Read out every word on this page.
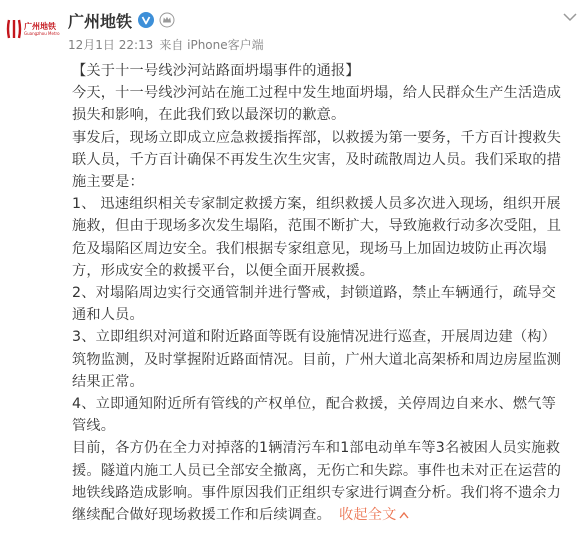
广州地铁
Guangzhou Metro
广州地铁
12月1日 22:13 来自 iPhone客户端

【关于十一号线沙河站路面坍塌事件的通报】

今天，十一号线沙河站在施工过程中发生地面坍塌，给人民群众生产生活造成损失和影响，在此我们致以最深切的歉意。

事发后，现场立即成立应急救援指挥部，以救援为第一要务，千方百计搜救失联人员，千方百计确保不再发生次生灾害，及时疏散周边人员。我们采取的措施主要是：

1、 迅速组织相关专家制定救援方案，组织救援人员多次进入现场，组织开展施救，但由于现场多次发生塌陷，范围不断扩大，导致施救行动多次受阻，且危及塌陷区周边安全。我们根据专家组意见，现场马上加固边坡防止再次塌方，形成安全的救援平台，以便全面开展救援。

2、对塌陷周边实行交通管制并进行警戒，封锁道路，禁止车辆通行，疏导交通和人员。

3、立即组织对河道和附近路面等既有设施情况进行巡查，开展周边建（构）筑物监测，及时掌握附近路面情况。目前，广州大道北高架桥和周边房屋监测结果正常。

4、立即通知附近所有管线的产权单位，配合救援，关停周边自来水、燃气等管线。

目前，各方仍在全力对掉落的1辆清污车和1部电动单车等3名被困人员实施救援。隧道内施工人员已全部安全撤离，无伤亡和失踪。事件也未对正在运营的地铁线路造成影响。事件原因我们正组织专家进行调查分析。我们将不遗余力继续配合做好现场救援工作和后续调查。 收起全文
